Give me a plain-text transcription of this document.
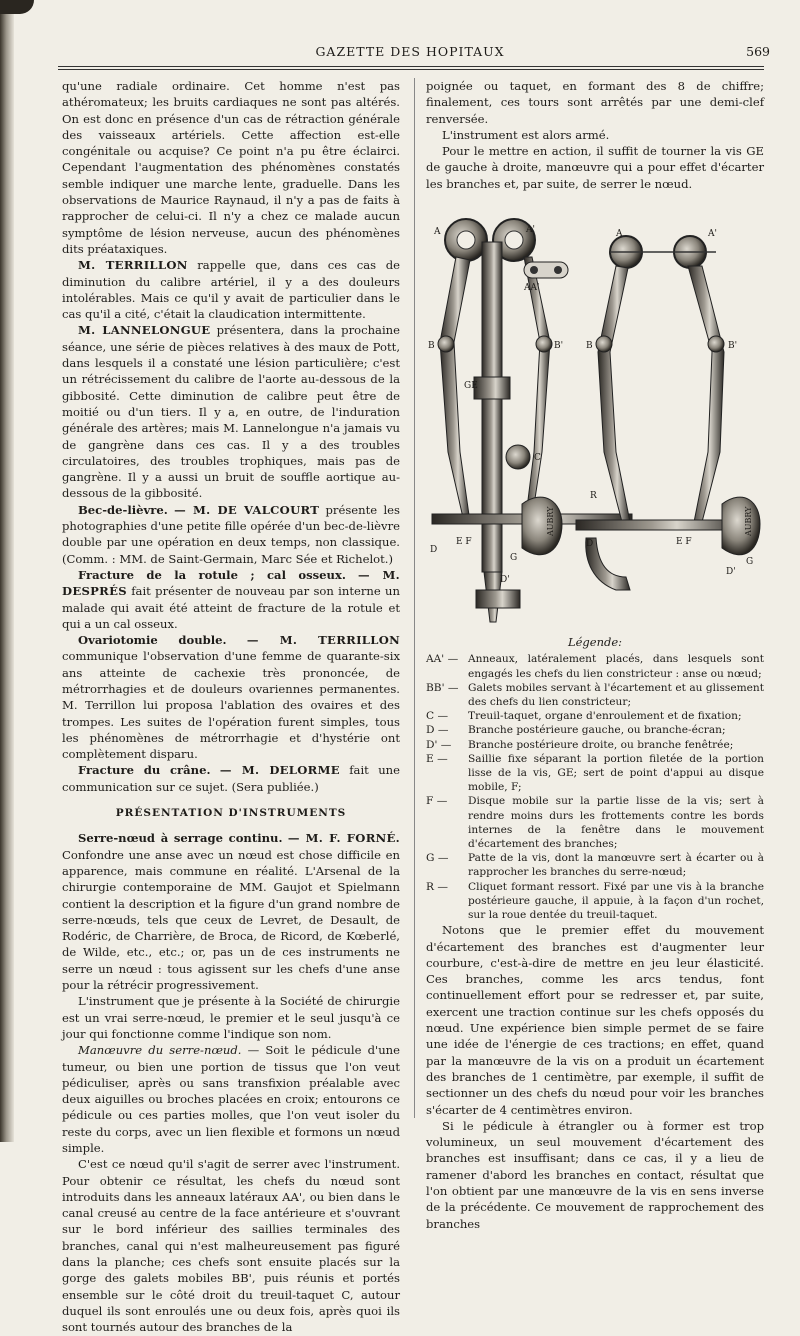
GAZETTE DES HOPITAUX	569

qu'une radiale ordinaire. Cet homme n'est pas athéromateux; les bruits cardiaques ne sont pas altérés. On est donc en présence d'un cas de rétraction générale des vaisseaux artériels. Cette affection est-elle congénitale ou acquise? Ce point n'a pu être éclairci. Cependant l'augmentation des phénomènes constatés semble indiquer une marche lente, graduelle. Dans les observations de Maurice Raynaud, il n'y a pas de faits à rapprocher de celui-ci. Il n'y a chez ce malade aucun symptôme de lésion nerveuse, aucun des phénomènes dits préataxiques.

M. TERRILLON rappelle que, dans ces cas de diminution du calibre artériel, il y a des douleurs intolérables. Mais ce qu'il y avait de particulier dans le cas qu'il a cité, c'était la claudication intermittente.

M. LANNELONGUE présentera, dans la prochaine séance, une série de pièces relatives à des maux de Pott, dans lesquels il a constaté une lésion particulière; c'est un rétrécissement du calibre de l'aorte au-dessous de la gibbosité. Cette diminution de calibre peut être de moitié ou d'un tiers. Il y a, en outre, de l'induration générale des artères; mais M. Lannelongue n'a jamais vu de gangrène dans ces cas. Il y a des troubles circulatoires, des troubles trophiques, mais pas de gangrène. Il y a aussi un bruit de souffle aortique au-dessous de la gibbosité.

Bec-de-lièvre. — M. DE VALCOURT présente les photographies d'une petite fille opérée d'un bec-de-lièvre double par une opération en deux temps, non classique. (Comm. : MM. de Saint-Germain, Marc Sée et Richelot.)

Fracture de la rotule ; cal osseux. — M. DESPRÉS fait présenter de nouveau par son interne un malade qui avait été atteint de fracture de la rotule et qui a un cal osseux.

Ovariotomie double. — M. TERRILLON communique l'observation d'une femme de quarante-six ans atteinte de cachexie très prononcée, de métrorrhagies et de douleurs ovariennes permanentes. M. Terrillon lui proposa l'ablation des ovaires et des trompes. Les suites de l'opération furent simples, tous les phénomènes de métrorrhagie et d'hystérie ont complètement disparu.

Fracture du crâne. — M. DELORME fait une communication sur ce sujet. (Sera publiée.)

PRÉSENTATION D'INSTRUMENTS

Serre-nœud à serrage continu. — M. F. FORNÉ. Confondre une anse avec un nœud est chose difficile en apparence, mais commune en réalité. L'Arsenal de la chirurgie contemporaine de MM. Gaujot et Spielmann contient la description et la figure d'un grand nombre de serre-nœuds, tels que ceux de Levret, de Desault, de Rodéric, de Charrière, de Broca, de Ricord, de Kœberlé, de Wilde, etc., etc.; or, pas un de ces instruments ne serre un nœud : tous agissent sur les chefs d'une anse pour la rétrécir progressivement.

L'instrument que je présente à la Société de chirurgie est un vrai serre-nœud, le premier et le seul jusqu'à ce jour qui fonctionne comme l'indique son nom.

Manœuvre du serre-nœud. — Soit le pédicule d'une tumeur, ou bien une portion de tissus que l'on veut pédiculiser, après ou sans transfixion préalable avec deux aiguilles ou broches placées en croix; entourons ce pédicule ou ces parties molles, que l'on veut isoler du reste du corps, avec un lien flexible et formons un nœud simple.

C'est ce nœud qu'il s'agit de serrer avec l'instrument. Pour obtenir ce résultat, les chefs du nœud sont introduits dans les anneaux latéraux AA', ou bien dans le canal creusé au centre de la face antérieure et s'ouvrant sur le bord inférieur des saillies terminales des branches, canal qui n'est malheureusement pas figuré dans la planche; ces chefs sont ensuite placés sur la gorge des galets mobiles BB', puis réunis et portés ensemble sur le côté droit du treuil-taquet C, autour duquel ils sont enroulés une ou deux fois, après quoi ils sont tournés autour des branches de la

poignée ou taquet, en formant des 8 de chiffre; finalement, ces tours sont arrêtés par une demi-clef renversée.

L'instrument est alors armé.

Pour le mettre en action, il suffit de tourner la vis GE de gauche à droite, manœuvre qui a pour effet d'écarter les branches et, par suite, de serrer le nœud.

A	A'
AA'
B	B'
GE
C
D
E F
G
D'
A	A'
B	B'
R
D	E F
G
D'
AUBRY	AUBRY
Légende:
AA' — Anneaux, latéralement placés, dans lesquels sont engagés les chefs du lien constricteur : anse ou nœud;
BB' — Galets mobiles servant à l'écartement et au glissement des chefs du lien constricteur;
C —	Treuil-taquet, organe d'enroulement et de fixation;
D —	Branche postérieure gauche, ou branche-écran;
D' —	Branche postérieure droite, ou branche fenêtrée;
E —	Saillie fixe séparant la portion filetée de la portion lisse de la vis, GE; sert de point d'appui au disque mobile, F;
F —	Disque mobile sur la partie lisse de la vis; sert à rendre moins durs les frottements contre les bords internes de la fenêtre dans le mouvement d'écartement des branches;
G —	Patte de la vis, dont la manœuvre sert à écarter ou à rapprocher les branches du serre-nœud;
R —	Cliquet formant ressort. Fixé par une vis à la branche postérieure gauche, il appuie, à la façon d'un rochet, sur la roue dentée du treuil-taquet.

Notons que le premier effet du mouvement d'écartement des branches est d'augmenter leur courbure, c'est-à-dire de mettre en jeu leur élasticité. Ces branches, comme les arcs tendus, font continuellement effort pour se redresser et, par suite, exercent une traction continue sur les chefs opposés du nœud. Une expérience bien simple permet de se faire une idée de l'énergie de ces tractions; en effet, quand par la manœuvre de la vis on a produit un écartement des branches de 1 centimètre, par exemple, il suffit de sectionner un des chefs du nœud pour voir les branches s'écarter de 4 centimètres environ.

Si le pédicule à étrangler ou à former est trop volumineux, un seul mouvement d'écartement des branches est insuffisant; dans ce cas, il y a lieu de ramener d'abord les branches en contact, résultat que l'on obtient par une manœuvre de la vis en sens inverse de la précédente. Ce mouvement de rapprochement des branches
